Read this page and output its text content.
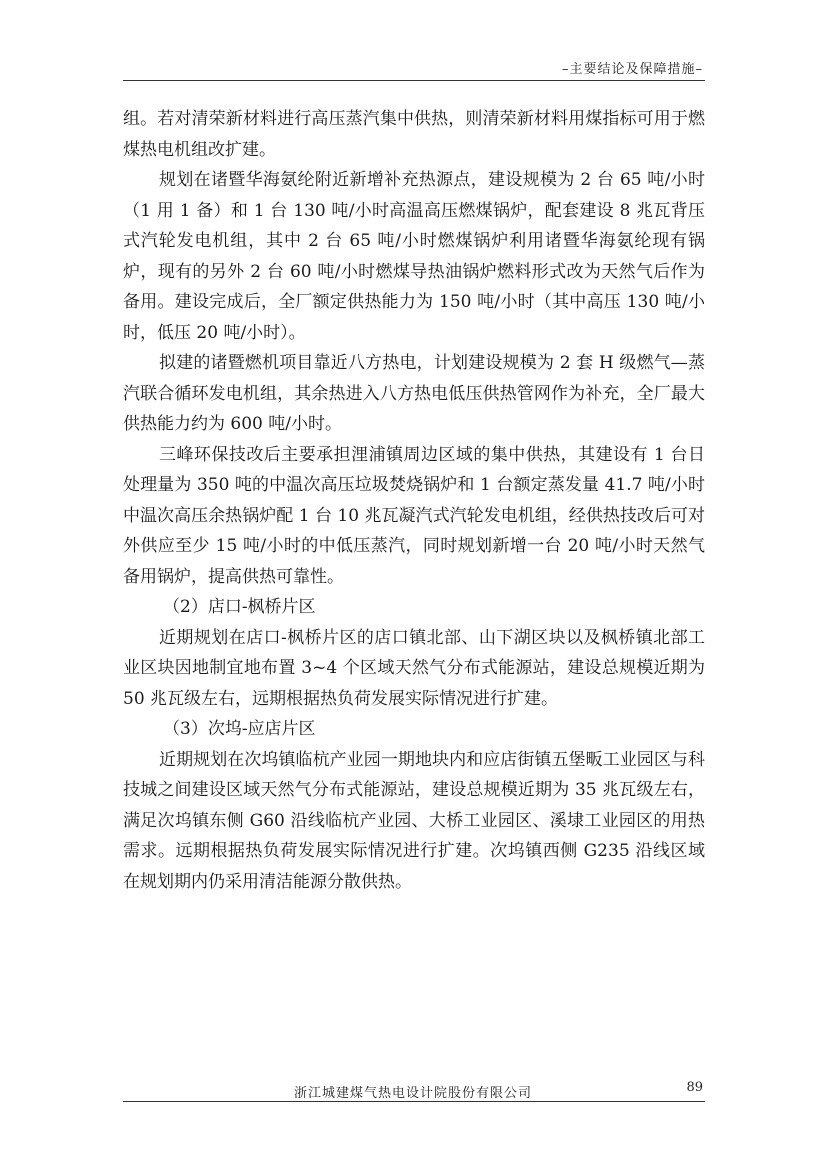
–主要结论及保障措施–

组。若对清荣新材料进行高压蒸汽集中供热，则清荣新材料用煤指标可用于燃煤热电机组改扩建。

规划在诸暨华海氨纶附近新增补充热源点，建设规模为 2 台 65 吨/小时（1 用 1 备）和 1 台 130 吨/小时高温高压燃煤锅炉，配套建设 8 兆瓦背压式汽轮发电机组，其中 2 台 65 吨/小时燃煤锅炉利用诸暨华海氨纶现有锅炉，现有的另外 2 台 60 吨/小时燃煤导热油锅炉燃料形式改为天然气后作为备用。建设完成后，全厂额定供热能力为 150 吨/小时（其中高压 130 吨/小时，低压 20 吨/小时）。

拟建的诸暨燃机项目靠近八方热电，计划建设规模为 2 套 H 级燃气—蒸汽联合循环发电机组，其余热进入八方热电低压供热管网作为补充，全厂最大供热能力约为 600 吨/小时。

三峰环保技改后主要承担浬浦镇周边区域的集中供热，其建设有 1 台日处理量为 350 吨的中温次高压垃圾焚烧锅炉和 1 台额定蒸发量 41.7 吨/小时中温次高压余热锅炉配 1 台 10 兆瓦凝汽式汽轮发电机组，经供热技改后可对外供应至少 15 吨/小时的中低压蒸汽，同时规划新增一台 20 吨/小时天然气备用锅炉，提高供热可靠性。

（2）店口-枫桥片区

近期规划在店口-枫桥片区的店口镇北部、山下湖区块以及枫桥镇北部工业区块因地制宜地布置 3~4 个区域天然气分布式能源站，建设总规模近期为 50 兆瓦级左右，远期根据热负荷发展实际情况进行扩建。

（3）次坞-应店片区

近期规划在次坞镇临杭产业园一期地块内和应店街镇五堡畈工业园区与科技城之间建设区域天然气分布式能源站，建设总规模近期为 35 兆瓦级左右，满足次坞镇东侧 G60 沿线临杭产业园、大桥工业园区、溪埭工业园区的用热需求。远期根据热负荷发展实际情况进行扩建。次坞镇西侧 G235 沿线区域在规划期内仍采用清洁能源分散供热。

浙江城建煤气热电设计院股份有限公司	89
